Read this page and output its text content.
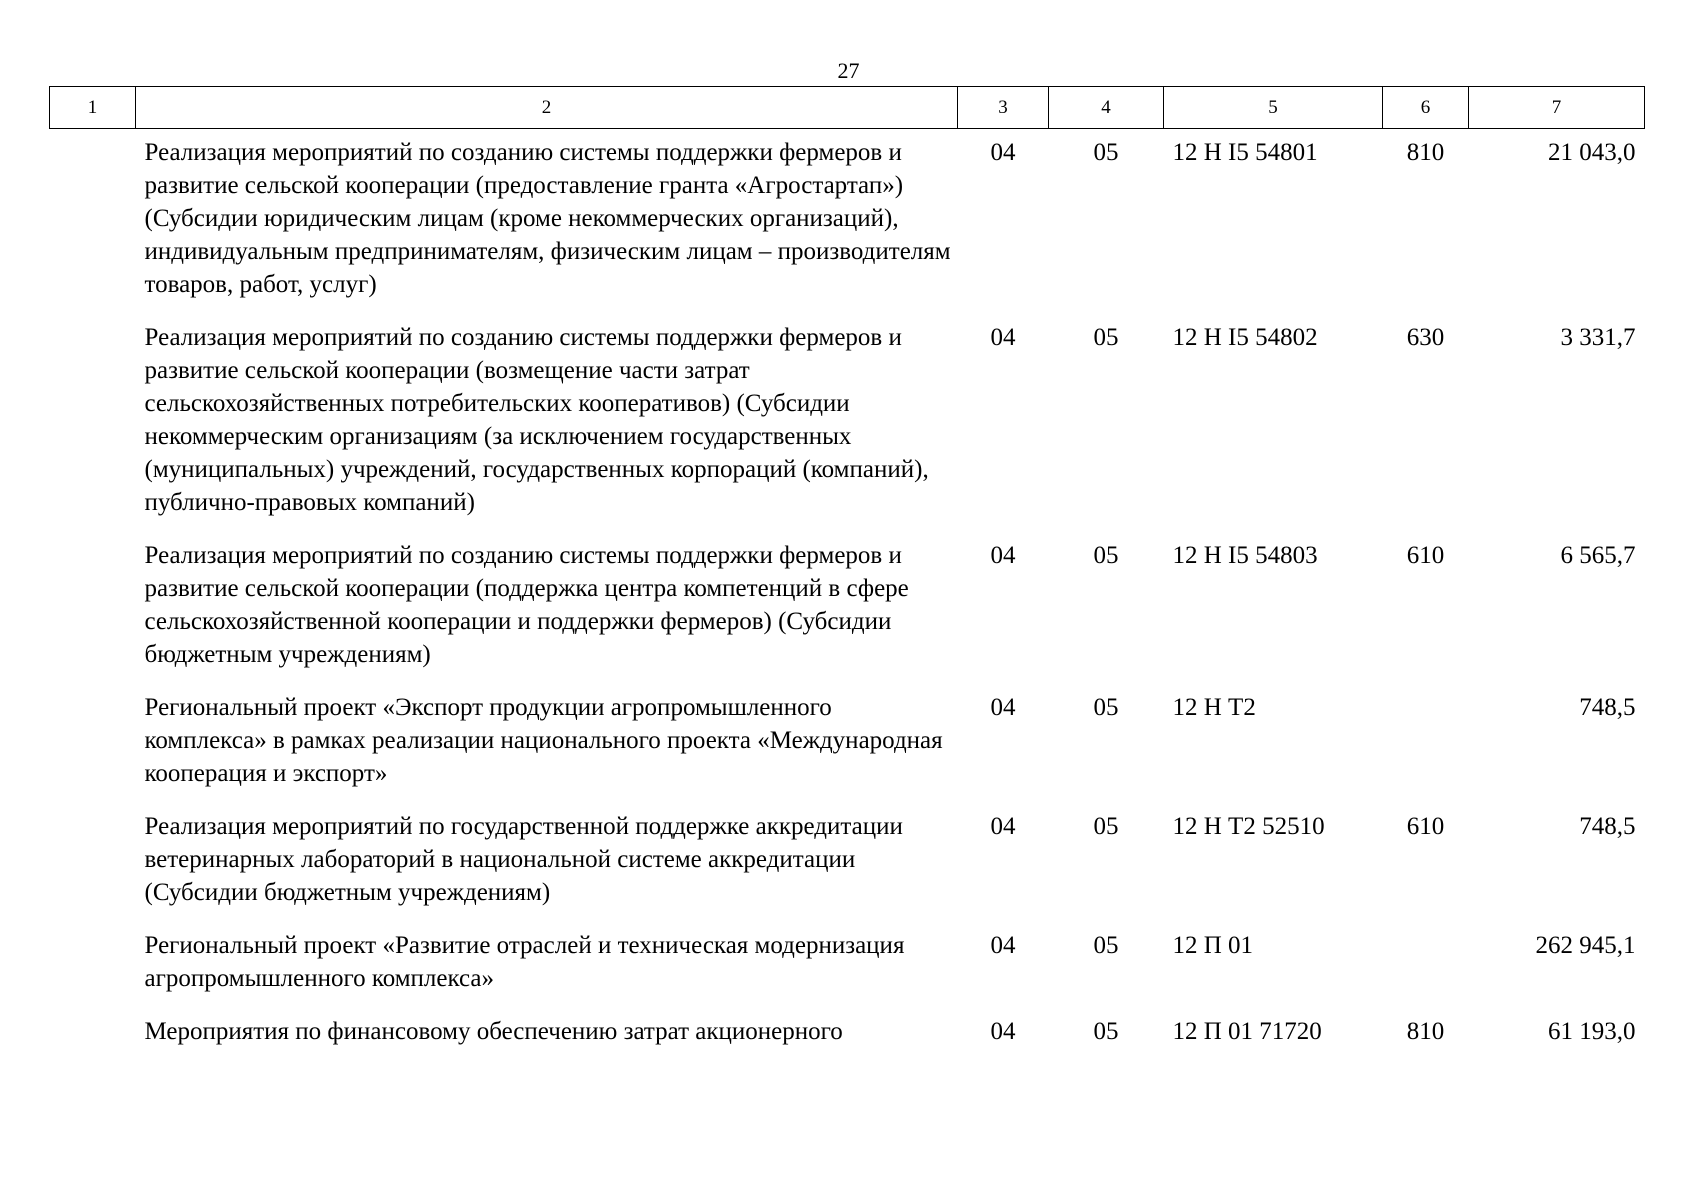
27
1	2	3	4	5	6	7
	Реализация мероприятий по созданию системы поддержки фермеров и развитие сельской кооперации (предоставление гранта «Агростартап») (Субсидии юридическим лицам (кроме некоммерческих организаций), индивидуальным предпринимателям, физическим лицам – производителям товаров, работ, услуг)	04	05	12 Н I5 54801	810	21 043,0
	Реализация мероприятий по созданию системы поддержки фермеров и развитие сельской кооперации (возмещение части затрат сельскохозяйственных потребительских кооперативов) (Субсидии некоммерческим организациям (за исключением государственных (муниципальных) учреждений, государственных корпораций (компаний), публично-правовых компаний)	04	05	12 Н I5 54802	630	3 331,7
	Реализация мероприятий по созданию системы поддержки фермеров и развитие сельской кооперации (поддержка центра компетенций в сфере сельскохозяйственной кооперации и поддержки фермеров) (Субсидии бюджетным учреждениям)	04	05	12 Н I5 54803	610	6 565,7
	Региональный проект «Экспорт продукции агропромышленного комплекса» в рамках реализации национального проекта «Международная кооперация и экспорт»	04	05	12 Н Т2		748,5
	Реализация мероприятий по государственной поддержке аккредитации ветеринарных лабораторий в национальной системе аккредитации (Субсидии бюджетным учреждениям)	04	05	12 Н Т2 52510	610	748,5
	Региональный проект «Развитие отраслей и техническая модернизация агропромышленного комплекса»	04	05	12 П 01		262 945,1
	Мероприятия по финансовому обеспечению затрат акционерного	04	05	12 П 01 71720	810	61 193,0
